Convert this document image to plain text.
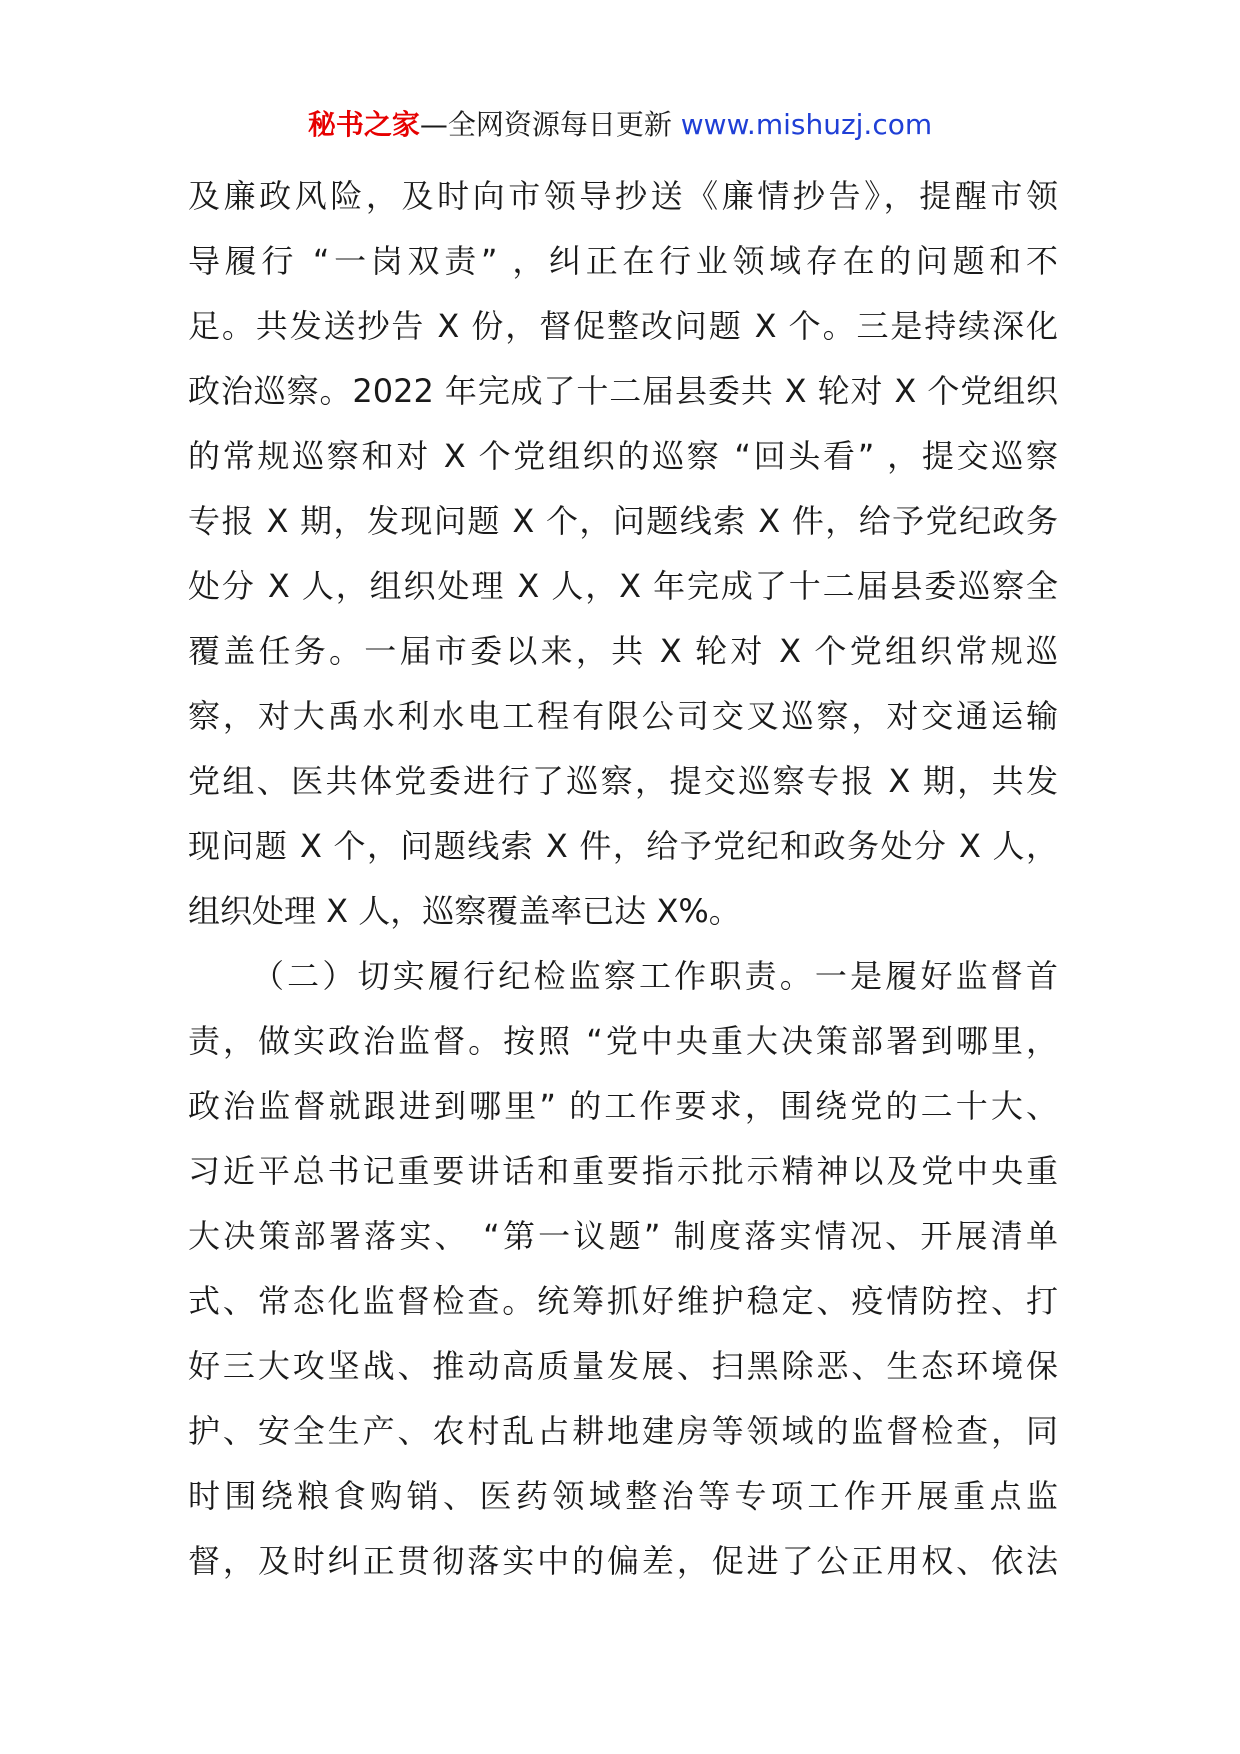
秘书之家—全网资源每日更新 www.mishuzj.com
及廉政风险，及时向市领导抄送《廉情抄告》，提醒市领
导履行 “一岗双责” ，纠正在行业领域存在的问题和不
足。共发送抄告 X 份，督促整改问题 X 个。三是持续深化
政治巡察。2022 年完成了十二届县委共 X 轮对 X 个党组织
的常规巡察和对 X 个党组织的巡察 “回头看” ，提交巡察
专报 X 期，发现问题 X 个，问题线索 X 件，给予党纪政务
处分 X 人，组织处理 X 人，X 年完成了十二届县委巡察全
覆盖任务。一届市委以来，共 X 轮对 X 个党组织常规巡
察，对大禹水利水电工程有限公司交叉巡察，对交通运输
党组、医共体党委进行了巡察，提交巡察专报 X 期，共发
现问题 X 个，问题线索 X 件，给予党纪和政务处分 X 人，
组织处理 X 人，巡察覆盖率已达 X%。
（二）切实履行纪检监察工作职责。一是履好监督首
责，做实政治监督。按照 “党中央重大决策部署到哪里，
政治监督就跟进到哪里” 的工作要求，围绕党的二十大、
习近平总书记重要讲话和重要指示批示精神以及党中央重
大决策部署落实、 “第一议题” 制度落实情况、开展清单
式、常态化监督检查。统筹抓好维护稳定、疫情防控、打
好三大攻坚战、推动高质量发展、扫黑除恶、生态环境保
护、安全生产、农村乱占耕地建房等领域的监督检查，同
时围绕粮食购销、医药领域整治等专项工作开展重点监
督，及时纠正贯彻落实中的偏差，促进了公正用权、依法
